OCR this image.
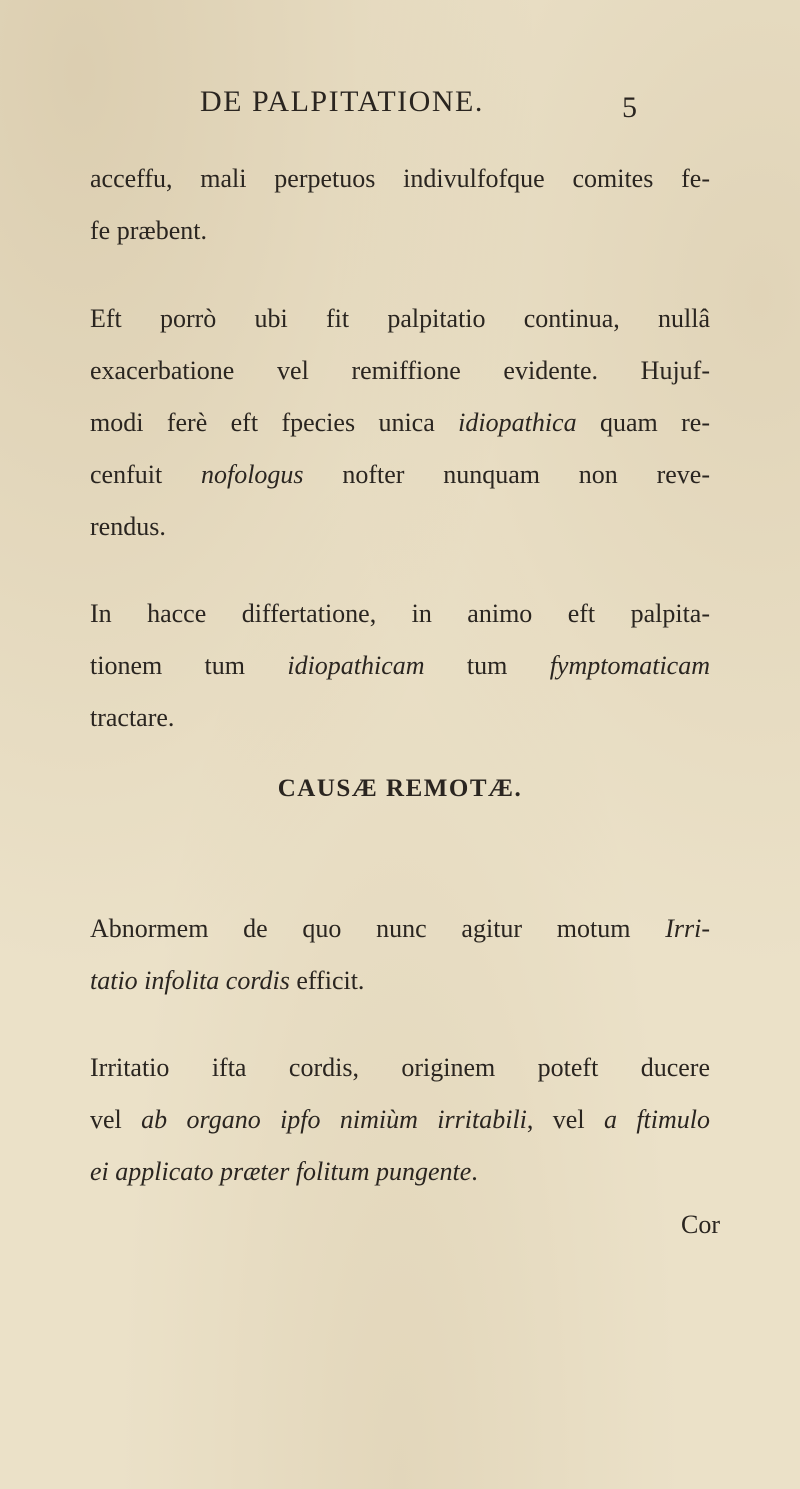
DE PALPITATIONE.	5

acceffu, mali perpetuos indivulfofque comites fe-
fe præbent.

Eft porrò ubi fit palpitatio continua, nullâ
exacerbatione vel remiffione evidente. Hujuf-
modi ferè eft fpecies unica idiopathica quam re-
cenfuit nofologus nofter nunquam non reve-
rendus.

In hacce differtatione, in animo eft palpita-
tionem tum idiopathicam tum fymptomaticam
tractare.

CAUSÆ REMOTÆ.

Abnormem de quo nunc agitur motum Irri-
tatio infolita cordis efficit.

Irritatio ifta cordis, originem poteft ducere
vel ab organo ipfo nimiùm irritabili, vel a ftimulo
ei applicato præter folitum pungente.

Cor
